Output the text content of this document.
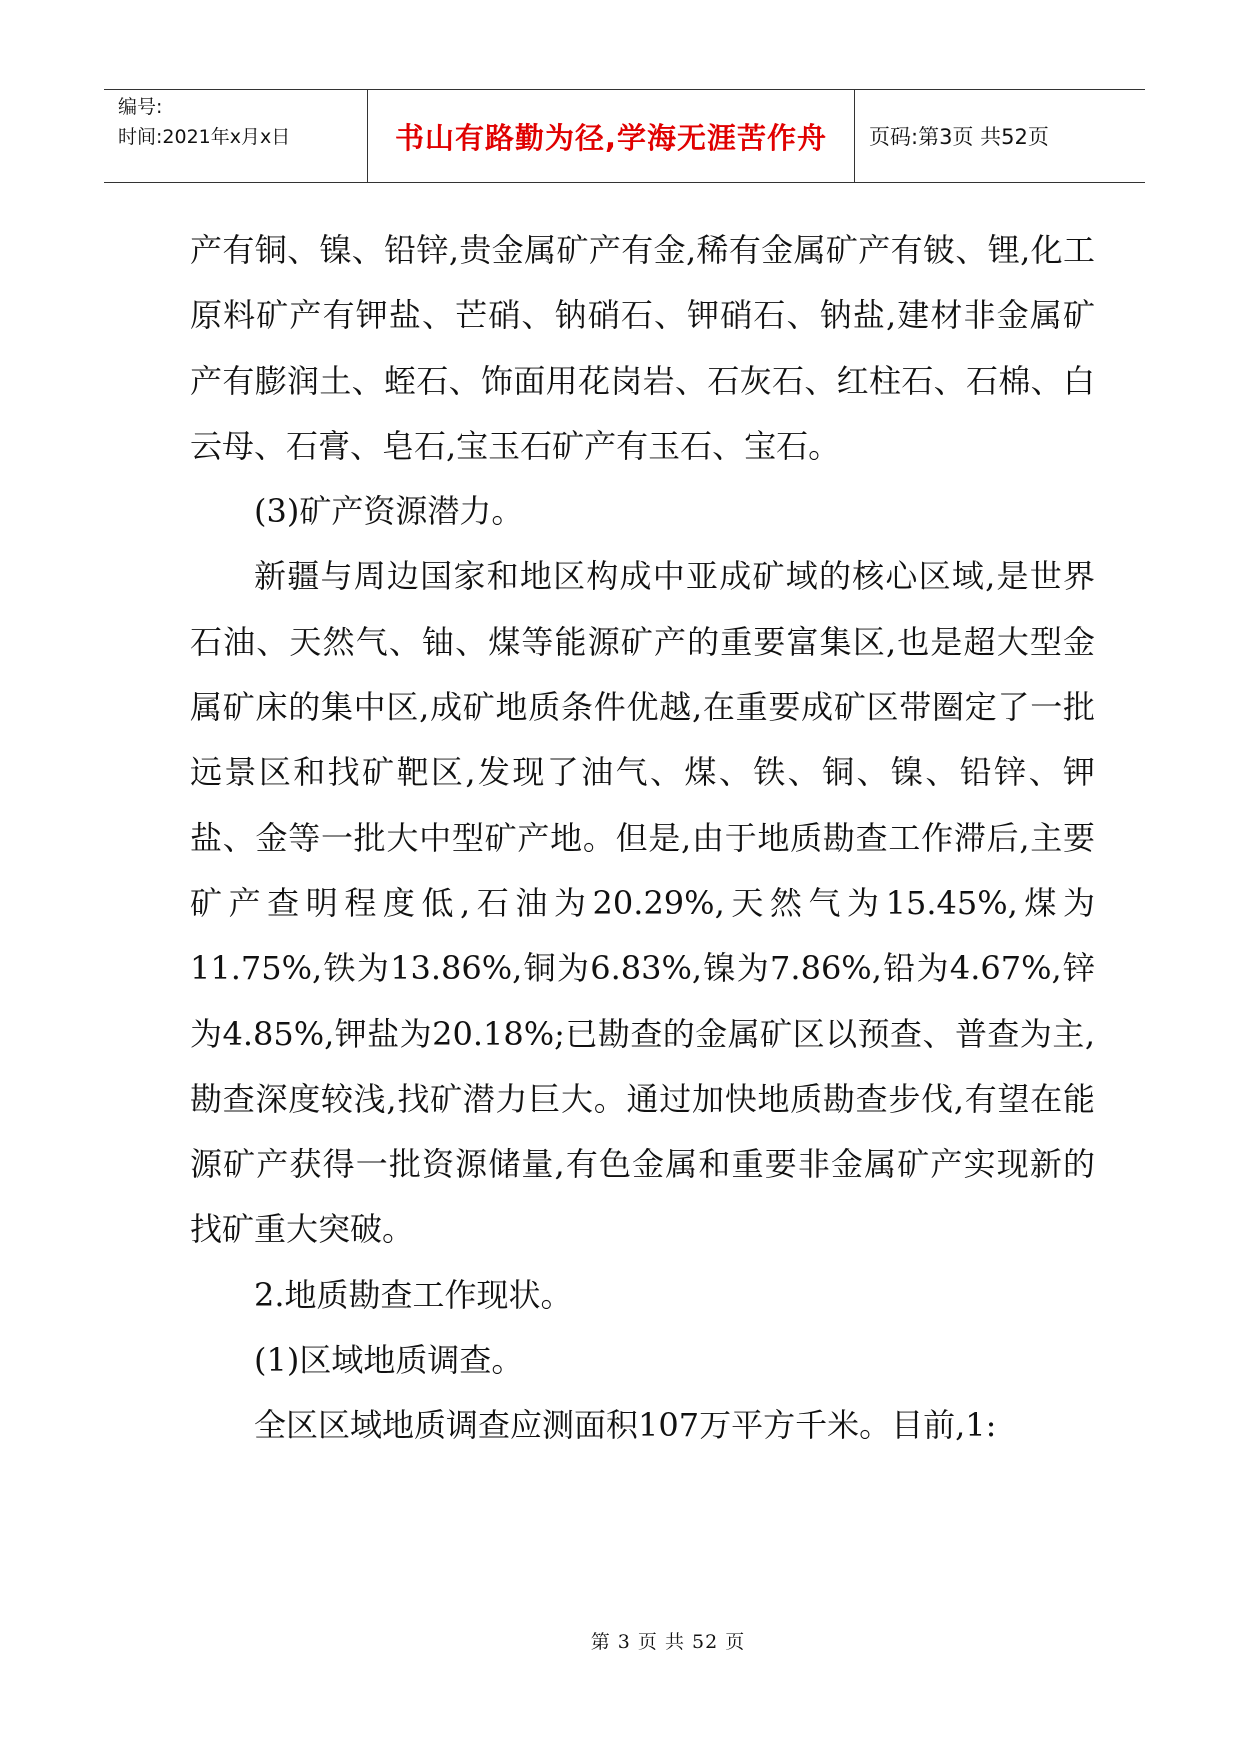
编号:
时间:2021年x月x日	书山有路勤为径,学海无涯苦作舟	页码:第3页 共52页

产有铜、镍、铅锌,贵金属矿产有金,稀有金属矿产有铍、锂,化工原料矿产有钾盐、芒硝、钠硝石、钾硝石、钠盐,建材非金属矿产有膨润土、蛭石、饰面用花岗岩、石灰石、红柱石、石棉、白云母、石膏、皂石,宝玉石矿产有玉石、宝石。

(3)矿产资源潜力。

新疆与周边国家和地区构成中亚成矿域的核心区域,是世界石油、天然气、铀、煤等能源矿产的重要富集区,也是超大型金属矿床的集中区,成矿地质条件优越,在重要成矿区带圈定了一批远景区和找矿靶区,发现了油气、煤、铁、铜、镍、铅锌、钾盐、金等一批大中型矿产地。但是,由于地质勘查工作滞后,主要矿产查明程度低,石油为20.29%,天然气为15.45%,煤为11.75%,铁为13.86%,铜为6.83%,镍为7.86%,铅为4.67%,锌为4.85%,钾盐为20.18%;已勘查的金属矿区以预查、普查为主,勘查深度较浅,找矿潜力巨大。通过加快地质勘查步伐,有望在能源矿产获得一批资源储量,有色金属和重要非金属矿产实现新的找矿重大突破。

2.地质勘查工作现状。

(1)区域地质调查。

全区区域地质调查应测面积107万平方千米。目前,1:

第 3 页 共 52 页
